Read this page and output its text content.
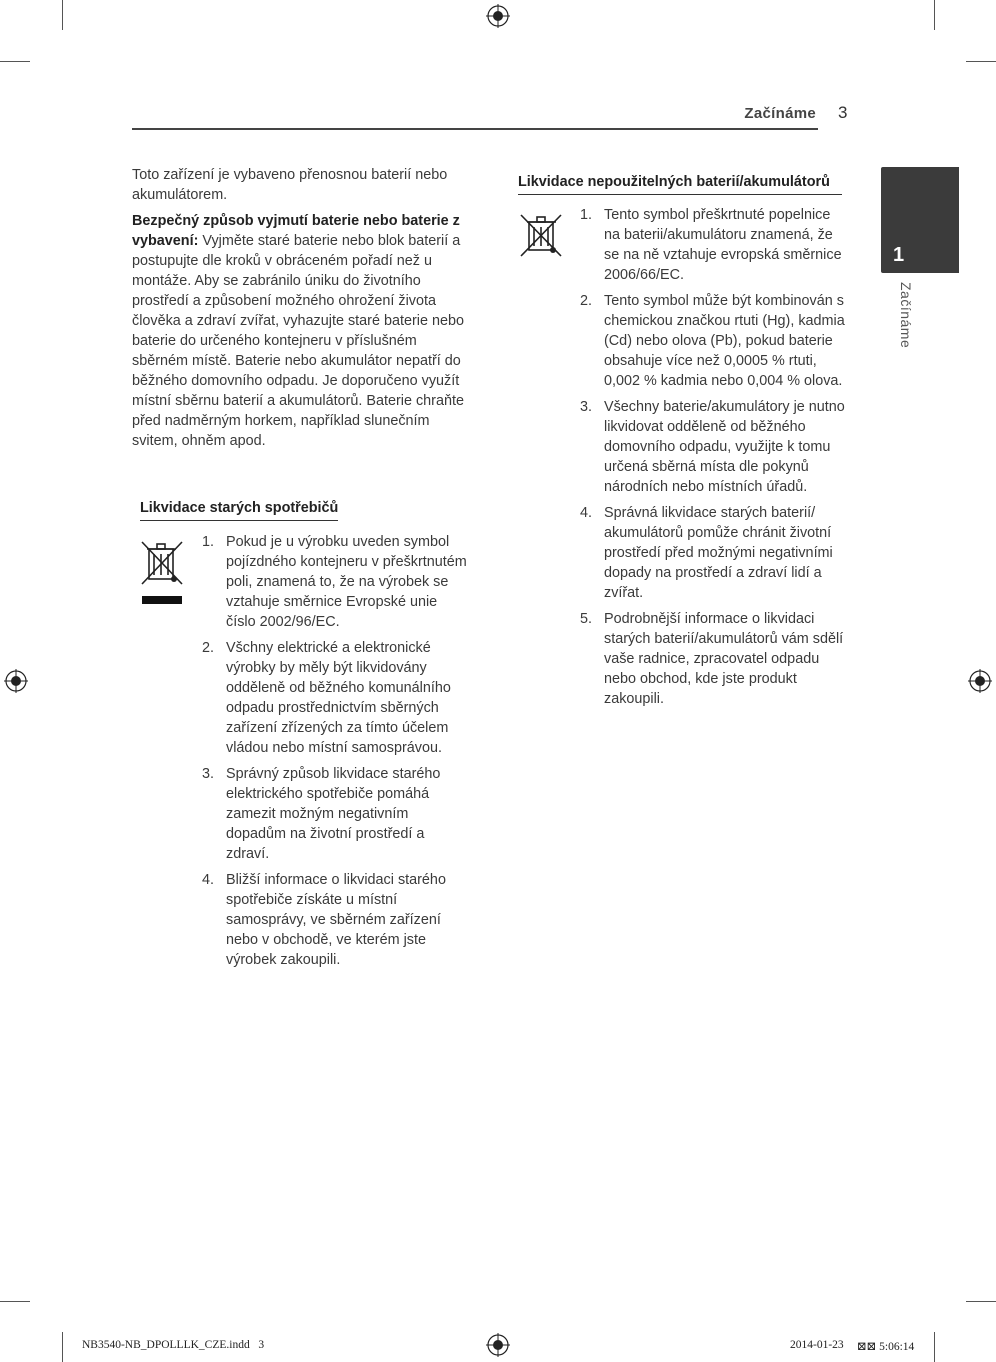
Začínáme 3
1
Začínáme

Toto zařízení je vybaveno přenosnou baterií nebo akumulátorem.

Bezpečný způsob vyjmutí baterie nebo baterie z vybavení: Vyjměte staré baterie nebo blok baterií a postupujte dle kroků v obráceném pořadí než u montáže. Aby se zabránilo úniku do životního prostředí a způsobení možného ohrožení života člověka a zdraví zvířat, vyhazujte staré baterie nebo baterie do určeného kontejneru v příslušném sběrném místě. Baterie nebo akumulátor nepatří do běžného domovního odpadu. Je doporučeno využít místní sběrnu baterií a akumulátorů. Baterie chraňte před nadměrným horkem, například slunečním svitem, ohněm apod.

Likvidace starých spotřebičů
1. Pokud je u výrobku uveden symbol pojízdného kontejneru v přeškrtnutém poli, znamená to, že na výrobek se vztahuje směrnice Evropské unie číslo 2002/96/EC.
2. Všchny elektrické a elektronické výrobky by měly být likvidovány odděleně od běžného komunálního odpadu prostřednictvím sběrných zařízení zřízených za tímto účelem vládou nebo místní samosprávou.
3. Správný způsob likvidace starého elektrického spotřebiče pomáhá zamezit možným negativním dopadům na životní prostředí a zdraví.
4. Bližší informace o likvidaci starého spotřebiče získáte u místní samosprávy, ve sběrném zařízení nebo v obchodě, ve kterém jste výrobek zakoupili.
Likvidace nepoužitelných baterií/akumulátorů
1. Tento symbol přeškrtnuté popelnice na baterii/akumulátoru znamená, že se na ně vztahuje evropská směrnice 2006/66/EC.
2. Tento symbol může být kombinován s chemickou značkou rtuti (Hg), kadmia (Cd) nebo olova (Pb), pokud baterie obsahuje více než 0,0005 % rtuti, 0,002 % kadmia nebo 0,004 % olova.
3. Všechny baterie/akumulátory je nutno likvidovat odděleně od běžného domovního odpadu, využijte k tomu určená sběrná místa dle pokynů národních nebo místních úřadů.
4. Správná likvidace starých baterií/ akumulátorů pomůže chránit životní prostředí před možnými negativními dopady na prostředí a zdraví lidí a zvířat.
5. Podrobnější informace o likvidaci starých baterií/akumulátorů vám sdělí vaše radnice, zpracovatel odpadu nebo obchod, kde jste produkt zakoupili.
NB3540-NB_DPOLLLK_CZE.indd   3	2014-01-23 ⊠⊠ 5:06:14
